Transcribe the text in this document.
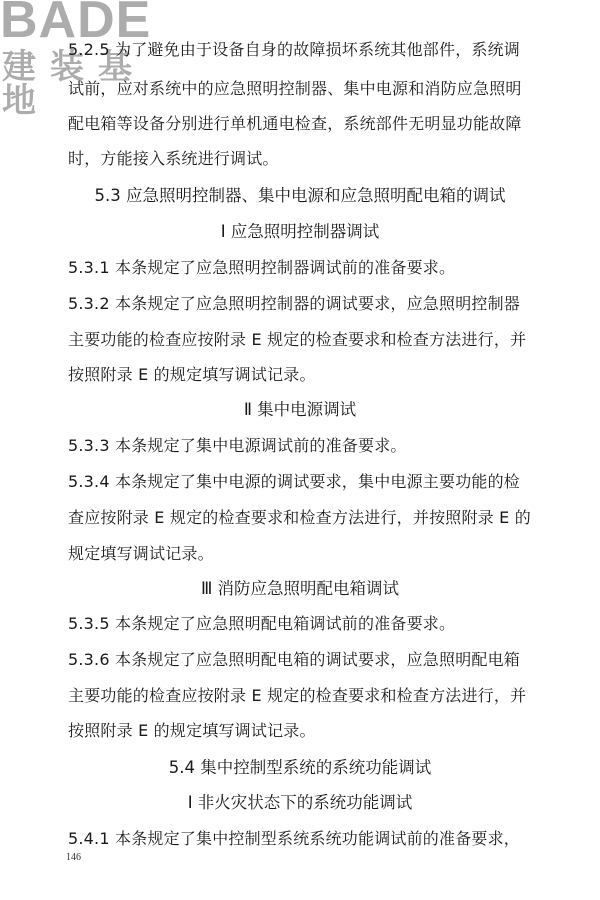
BADE
建装基地
5.2.5 为了避免由于设备自身的故障损坏系统其他部件，系统调
试前，应对系统中的应急照明控制器、集中电源和消防应急照明
配电箱等设备分别进行单机通电检查，系统部件无明显功能故障
时，方能接入系统进行调试。
5.3 应急照明控制器、集中电源和应急照明配电箱的调试
Ⅰ 应急照明控制器调试
5.3.1 本条规定了应急照明控制器调试前的准备要求。
5.3.2 本条规定了应急照明控制器的调试要求，应急照明控制器
主要功能的检查应按附录 E 规定的检查要求和检查方法进行，并
按照附录 E 的规定填写调试记录。
Ⅱ 集中电源调试
5.3.3 本条规定了集中电源调试前的准备要求。
5.3.4 本条规定了集中电源的调试要求，集中电源主要功能的检
查应按附录 E 规定的检查要求和检查方法进行，并按照附录 E 的
规定填写调试记录。
Ⅲ 消防应急照明配电箱调试
5.3.5 本条规定了应急照明配电箱调试前的准备要求。
5.3.6 本条规定了应急照明配电箱的调试要求，应急照明配电箱
主要功能的检查应按附录 E 规定的检查要求和检查方法进行，并
按照附录 E 的规定填写调试记录。
5.4 集中控制型系统的系统功能调试
Ⅰ 非火灾状态下的系统功能调试
5.4.1 本条规定了集中控制型系统系统功能调试前的准备要求，
146
